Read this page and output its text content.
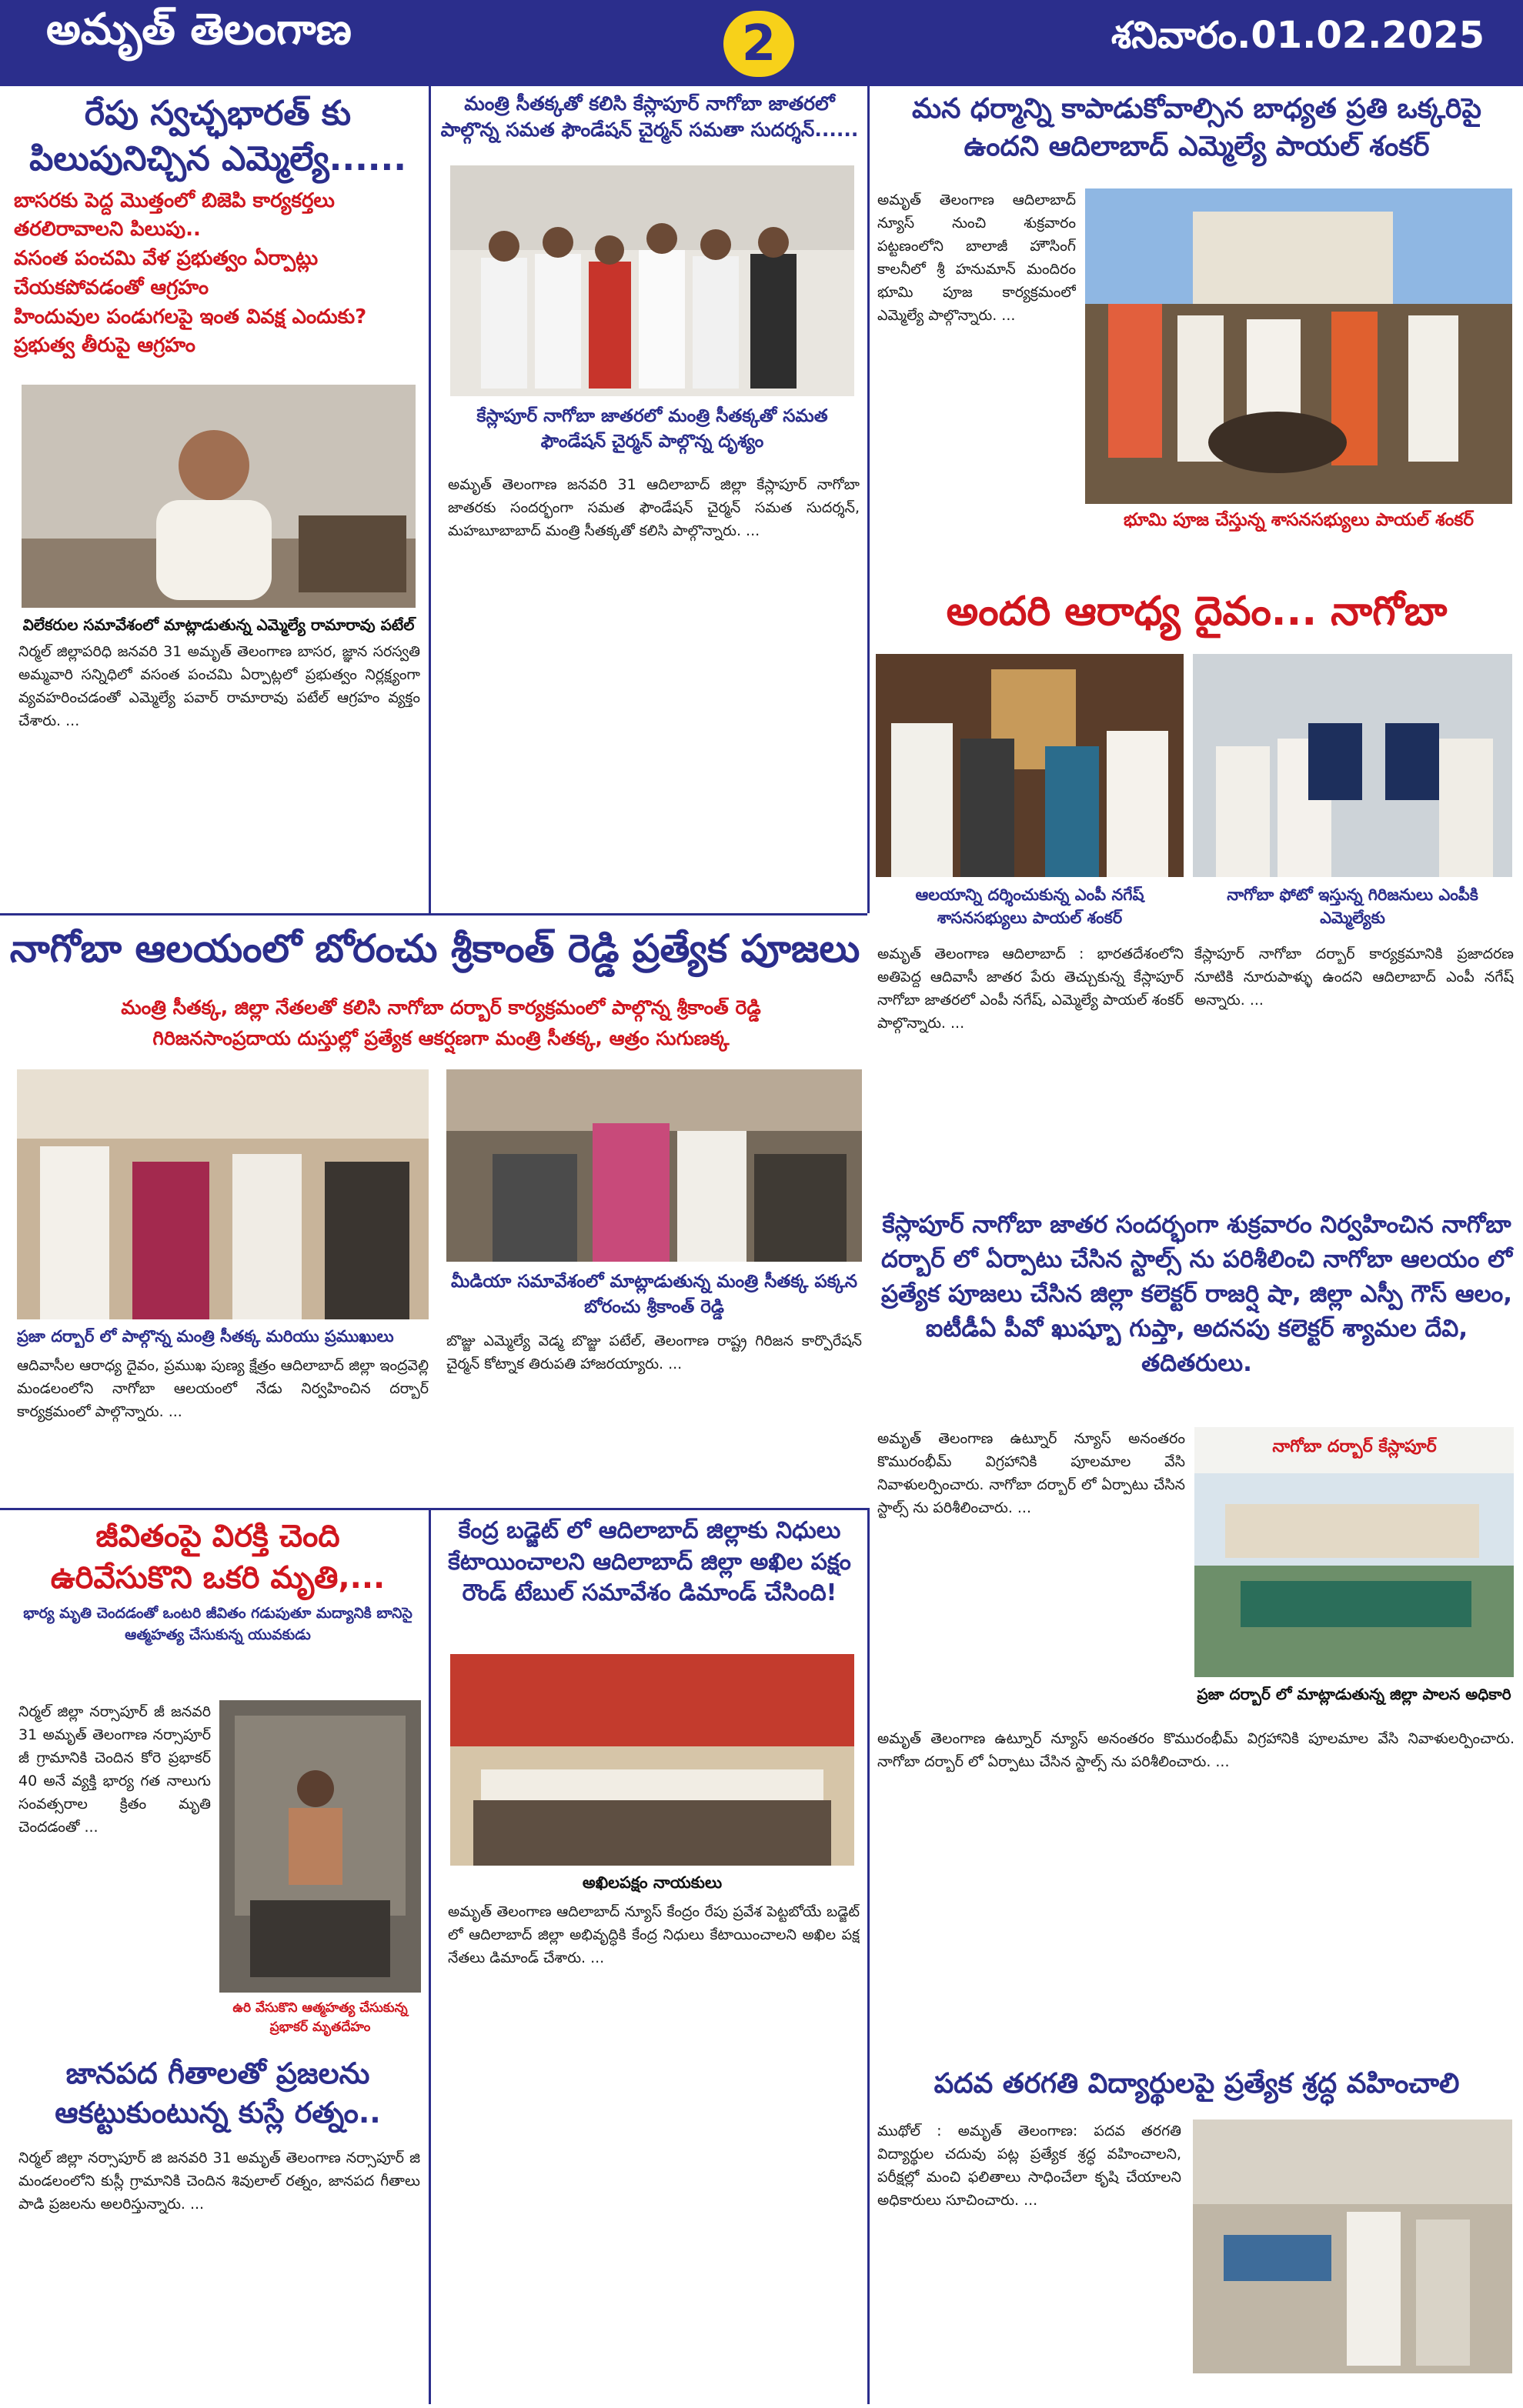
అమృత్ తెలంగాణ	2	శనివారం.01.02.2025
రేపు స్వచ్ఛభారత్ కు
పిలుపునిచ్చిన ఎమ్మెల్యే......
బాసరకు పెద్ద మొత్తంలో బిజెపి కార్యకర్తలు
తరలిరావాలని పిలుపు..
వసంత పంచమి వేళ ప్రభుత్వం ఏర్పాట్లు
చేయకపోవడంతో ఆగ్రహం
హిందువుల పండుగలపై ఇంత వివక్ష ఎందుకు?
ప్రభుత్వ తీరుపై ఆగ్రహం
విలేకరుల సమావేశంలో మాట్లాడుతున్న ఎమ్మెల్యే రామారావు పటేల్
నిర్మల్ జిల్లాపరిధి జనవరి 31 అమృత్ తెలంగాణ బాసర, జ్ఞాన సరస్వతి అమ్మవారి సన్నిధిలో వసంత పంచమి ఏర్పాట్లలో ప్రభుత్వం నిర్లక్ష్యంగా వ్యవహరించడంతో ఎమ్మెల్యే పవార్ రామారావు పటేల్ ఆగ్రహం వ్యక్తం చేశారు. ...
మంత్రి సీతక్కతో కలిసి కేస్లాపూర్ నాగోబా జాతరలో
పాల్గొన్న సమత ఫౌండేషన్ చైర్మన్ సమతా సుదర్శన్......
కేస్లాపూర్ నాగోబా జాతరలో మంత్రి సీతక్కతో సమత ఫౌండేషన్ చైర్మన్ పాల్గొన్న దృశ్యం
అమృత్ తెలంగాణ జనవరి 31 ఆదిలాబాద్ జిల్లా కేస్లాపూర్ నాగోబా జాతరకు సందర్భంగా సమత ఫౌండేషన్ చైర్మన్ సమత సుదర్శన్, మహబూబాబాద్ మంత్రి సీతక్కతో కలిసి పాల్గొన్నారు. ...
మన ధర్మాన్ని కాపాడుకోవాల్సిన బాధ్యత ప్రతి ఒక్కరిపై
ఉందని ఆదిలాబాద్ ఎమ్మెల్యే పాయల్ శంకర్
అమృత్ తెలంగాణ ఆదిలాబాద్ న్యూస్ నుంచి శుక్రవారం పట్టణంలోని బాలాజీ హౌసింగ్ కాలనీలో శ్రీ హనుమాన్ మందిరం భూమి పూజ కార్యక్రమంలో ఎమ్మెల్యే పాల్గొన్నారు. ...
భూమి పూజ చేస్తున్న శాసనసభ్యులు పాయల్ శంకర్
అందరి ఆరాధ్య దైవం... నాగోబా
ఆలయాన్ని దర్శించుకున్న ఎంపీ నగేష్ శాసనసభ్యులు పాయల్ శంకర్
నాగోబా ఫోటో ఇస్తున్న గిరిజనులు ఎంపీకి ఎమ్మెల్యేకు
అమృత్ తెలంగాణ ఆదిలాబాద్ : భారతదేశంలోని అతిపెద్ద ఆదివాసీ జాతర పేరు తెచ్చుకున్న కేస్లాపూర్ నాగోబా జాతరలో ఎంపీ నగేష్, ఎమ్మెల్యే పాయల్ శంకర్ పాల్గొన్నారు. ...
కేస్లాపూర్ నాగోబా దర్బార్ కార్యక్రమానికి ప్రజాదరణ నూటికి నూరుపాళ్ళు ఉందని ఆదిలాబాద్ ఎంపీ నగేష్ అన్నారు. ...
కేస్లాపూర్ నాగోబా జాతర సందర్భంగా శుక్రవారం నిర్వహించిన నాగోబా దర్బార్ లో ఏర్పాటు చేసిన స్టాల్స్ ను పరిశీలించి నాగోబా ఆలయం లో ప్రత్యేక పూజలు చేసిన జిల్లా కలెక్టర్ రాజర్షి షా, జిల్లా ఎస్పీ గౌస్ ఆలం, ఐటీడీఏ పీవో ఖుష్బూ గుప్తా, అదనపు కలెక్టర్ శ్యామల దేవి, తదితరులు.
అమృత్ తెలంగాణ ఉట్నూర్ న్యూస్ అనంతరం కొమురంభీమ్ విగ్రహానికి పూలమాల వేసి నివాళులర్పించారు. నాగోబా దర్బార్ లో ఏర్పాటు చేసిన స్టాల్స్ ను పరిశీలించారు. ...
నాగోబా దర్బార్ కేస్లాపూర్
ప్రజా దర్బార్ లో మాట్లాడుతున్న జిల్లా పాలన అధికారి
అమృత్ తెలంగాణ ఉట్నూర్ న్యూస్ అనంతరం కొమురంభీమ్ విగ్రహానికి పూలమాల వేసి నివాళులర్పించారు. నాగోబా దర్బార్ లో ఏర్పాటు చేసిన స్టాల్స్ ను పరిశీలించారు. ...
నాగోబా ఆలయంలో బోరంచు శ్రీకాంత్ రెడ్డి ప్రత్యేక పూజలు
మంత్రి సీతక్క, జిల్లా నేతలతో కలిసి నాగోబా దర్బార్ కార్యక్రమంలో పాల్గొన్న శ్రీకాంత్ రెడ్డి
గిరిజనసాంప్రదాయ దుస్తుల్లో ప్రత్యేక ఆకర్షణగా మంత్రి సీతక్క, ఆత్రం సుగుణక్క
ప్రజా దర్బార్ లో పాల్గొన్న మంత్రి సీతక్క మరియు ప్రముఖులు
మీడియా సమావేశంలో మాట్లాడుతున్న మంత్రి సీతక్క పక్కన బోరంచు శ్రీకాంత్ రెడ్డి
ఆదివాసీల ఆరాధ్య దైవం, ప్రముఖ పుణ్య క్షేత్రం ఆదిలాబాద్ జిల్లా ఇంద్రవెల్లి మండలంలోని నాగోబా ఆలయంలో నేడు నిర్వహించిన దర్బార్ కార్యక్రమంలో పాల్గొన్నారు. ...
బొజ్జు ఎమ్మెల్యే వెడ్మ బొజ్జు పటేల్, తెలంగాణ రాష్ట్ర గిరిజన కార్పొరేషన్ చైర్మన్ కోట్నాక తిరుపతి హాజరయ్యారు. ...
జీవితంపై విరక్తి చెంది
ఉరివేసుకొని ఒకరి మృతి,...
భార్య మృతి చెందడంతో ఒంటరి జీవితం గడుపుతూ మద్యానికి బానిసై ఆత్మహత్య చేసుకున్న యువకుడు
నిర్మల్ జిల్లా నర్సాపూర్ జీ జనవరి 31 అమృత్ తెలంగాణ నర్సాపూర్ జీ గ్రామానికి చెందిన కోరె ప్రభాకర్ 40 అనే వ్యక్తి భార్య గత నాలుగు సంవత్సరాల క్రితం మృతి చెందడంతో ...
ఉరి వేసుకొని ఆత్మహత్య చేసుకున్న ప్రభాకర్ మృతదేహం
కేంద్ర బడ్జెట్ లో ఆదిలాబాద్ జిల్లాకు నిధులు
కేటాయించాలని ఆదిలాబాద్ జిల్లా అఖిల పక్షం
రౌండ్ టేబుల్ సమావేశం డిమాండ్ చేసింది!
అఖిలపక్షం నాయకులు
అమృత్ తెలంగాణ ఆదిలాబాద్ న్యూస్ కేంద్రం రేపు ప్రవేశ పెట్టబోయే బడ్జెట్ లో ఆదిలాబాద్ జిల్లా అభివృద్ధికి కేంద్ర నిధులు కేటాయించాలని అఖిల పక్ష నేతలు డిమాండ్ చేశారు. ...
జానపద గీతాలతో ప్రజలను
ఆకట్టుకుంటున్న కుస్లే రత్నం..
నిర్మల్ జిల్లా నర్సాపూర్ జి జనవరి 31 అమృత్ తెలంగాణ నర్సాపూర్ జి మండలంలోని కుస్లీ గ్రామానికి చెందిన శివులాల్ రత్నం, జానపద గీతాలు పాడి ప్రజలను అలరిస్తున్నారు. ...
పదవ తరగతి విద్యార్థులపై ప్రత్యేక శ్రద్ధ వహించాలి
ముథోల్ : అమృత్ తెలంగాణ: పదవ తరగతి విద్యార్థుల చదువు పట్ల ప్రత్యేక శ్రద్ధ వహించాలని, పరీక్షల్లో మంచి ఫలితాలు సాధించేలా కృషి చేయాలని అధికారులు సూచించారు. ...
